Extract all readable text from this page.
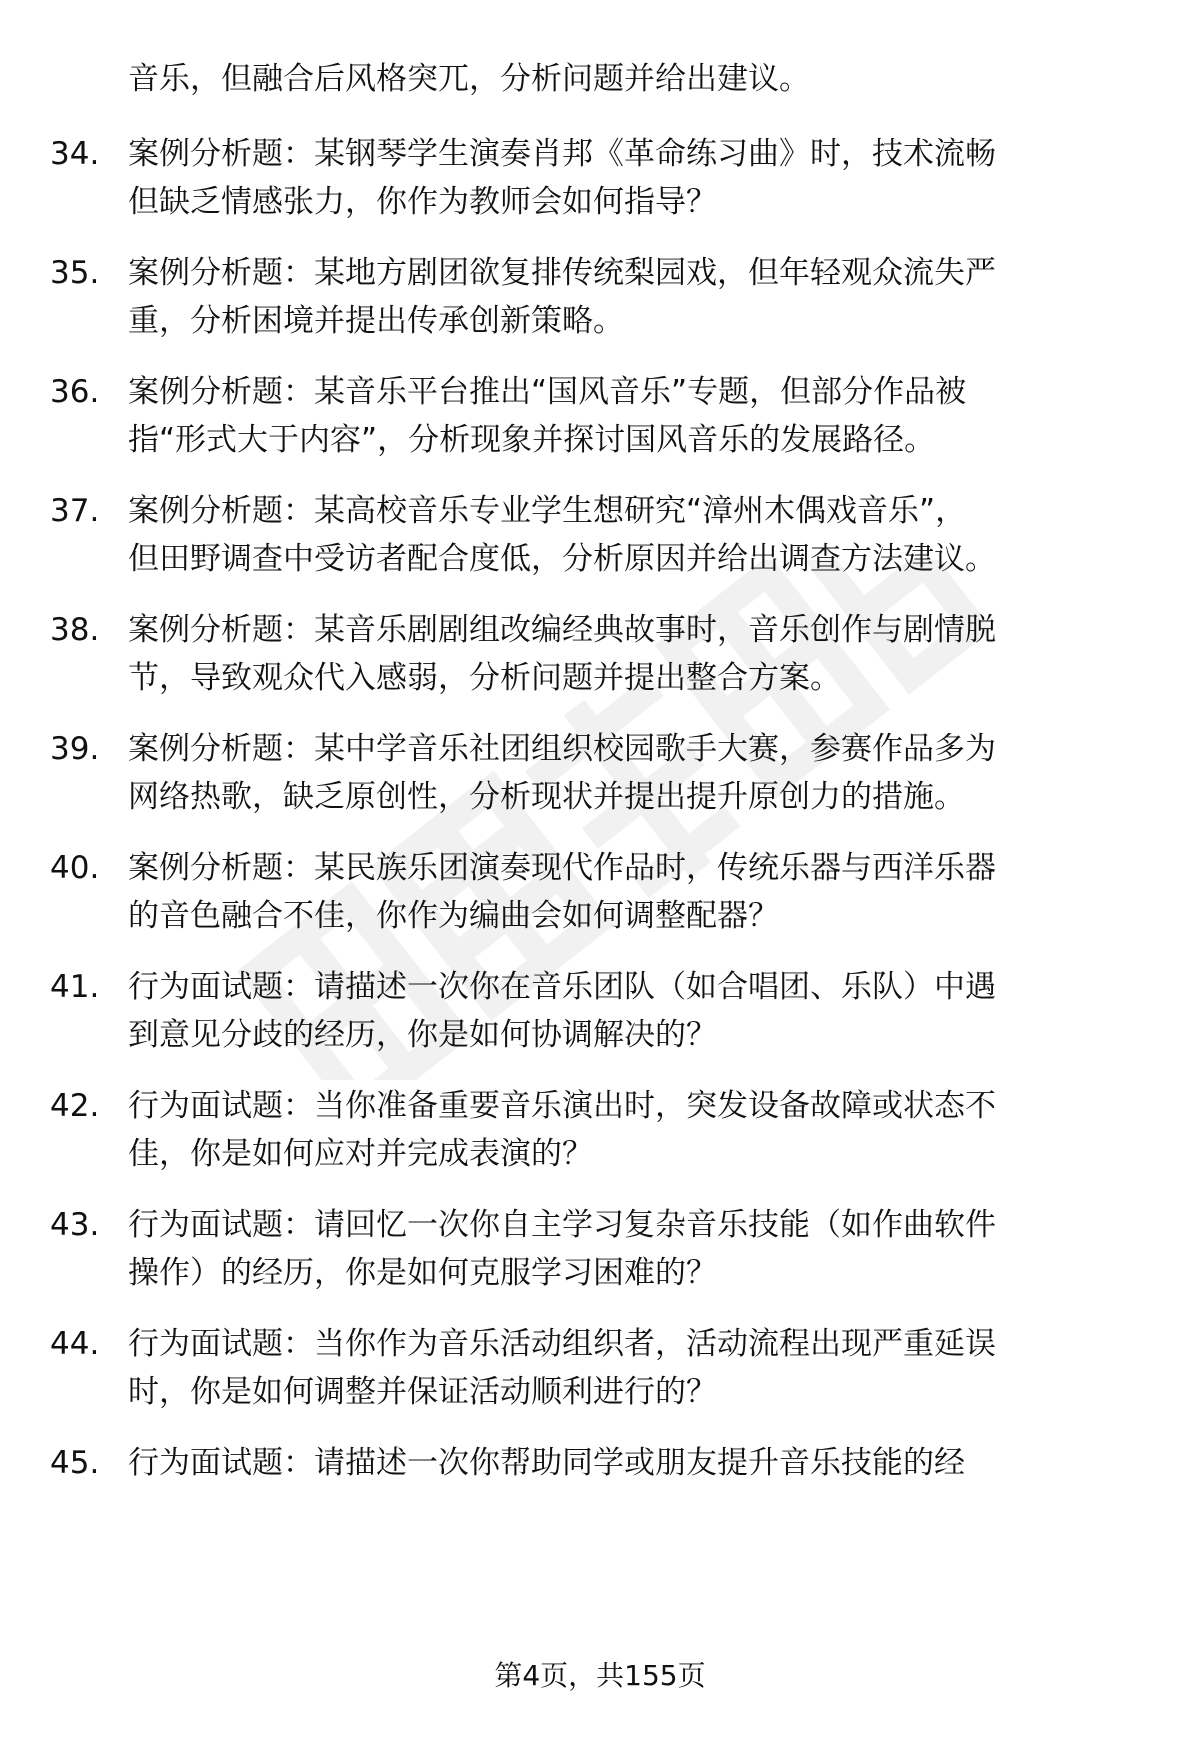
音乐，但融合后风格突兀，分析问题并给出建议。
34. 案例分析题：某钢琴学生演奏肖邦《革命练习曲》时，技术流畅
但缺乏情感张力，你作为教师会如何指导？
35. 案例分析题：某地方剧团欲复排传统梨园戏，但年轻观众流失严
重，分析困境并提出传承创新策略。
36. 案例分析题：某音乐平台推出“国风音乐”专题，但部分作品被
指“形式大于内容”，分析现象并探讨国风音乐的发展路径。
37. 案例分析题：某高校音乐专业学生想研究“漳州木偶戏音乐”，
但田野调查中受访者配合度低，分析原因并给出调查方法建议。
38. 案例分析题：某音乐剧剧组改编经典故事时，音乐创作与剧情脱
节，导致观众代入感弱，分析问题并提出整合方案。
39. 案例分析题：某中学音乐社团组织校园歌手大赛，参赛作品多为
网络热歌，缺乏原创性，分析现状并提出提升原创力的措施。
40. 案例分析题：某民族乐团演奏现代作品时，传统乐器与西洋乐器
的音色融合不佳，你作为编曲会如何调整配器？
41. 行为面试题：请描述一次你在音乐团队（如合唱团、乐队）中遇
到意见分歧的经历，你是如何协调解决的？
42. 行为面试题：当你准备重要音乐演出时，突发设备故障或状态不
佳，你是如何应对并完成表演的？
43. 行为面试题：请回忆一次你自主学习复杂音乐技能（如作曲软件
操作）的经历，你是如何克服学习困难的？
44. 行为面试题：当你作为音乐活动组织者，活动流程出现严重延误
时，你是如何调整并保证活动顺利进行的？
45. 行为面试题：请描述一次你帮助同学或朋友提升音乐技能的经
第4页，共155页
